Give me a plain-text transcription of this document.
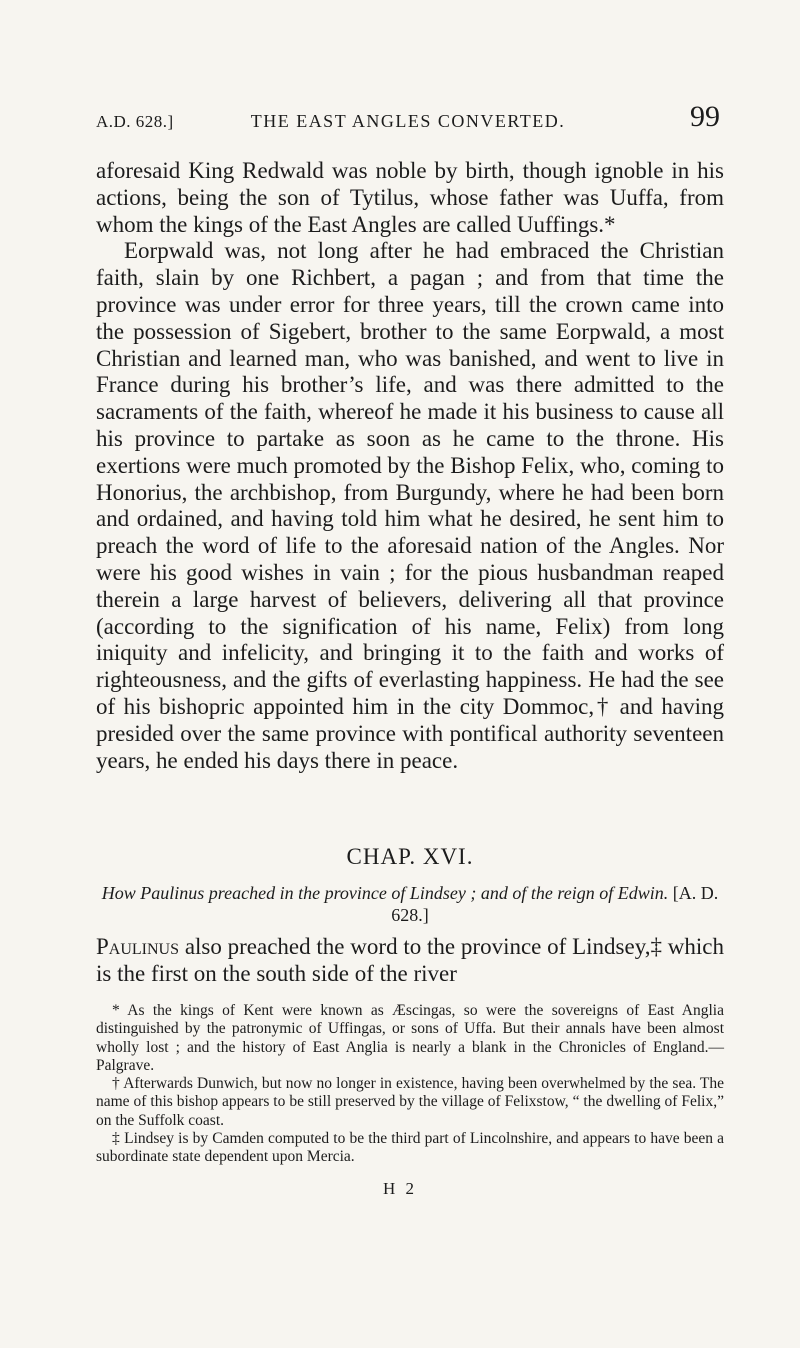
A.D. 628.]	THE EAST ANGLES CONVERTED.	99

aforesaid King Redwald was noble by birth, though ignoble in his actions, being the son of Tytilus, whose father was Uuffa, from whom the kings of the East Angles are called Uuffings.*

Eorpwald was, not long after he had embraced the Christian faith, slain by one Richbert, a pagan ; and from that time the province was under error for three years, till the crown came into the possession of Sigebert, brother to the same Eorpwald, a most Christian and learned man, who was banished, and went to live in France during his brother’s life, and was there admitted to the sacraments of the faith, whereof he made it his business to cause all his province to partake as soon as he came to the throne. His exertions were much promoted by the Bishop Felix, who, coming to Honorius, the archbishop, from Burgundy, where he had been born and ordained, and having told him what he desired, he sent him to preach the word of life to the aforesaid nation of the Angles. Nor were his good wishes in vain ; for the pious husbandman reaped therein a large harvest of believers, delivering all that province (according to the signification of his name, Felix) from long iniquity and infelicity, and bringing it to the faith and works of righteousness, and the gifts of everlasting happiness. He had the see of his bishopric appointed him in the city Dommoc,† and having presided over the same province with pontifical authority seventeen years, he ended his days there in peace.

CHAP. XVI.
How Paulinus preached in the province of Lindsey ; and of the reign of Edwin. [A. D. 628.]

Paulinus also preached the word to the province of Lindsey,‡ which is the first on the south side of the river

* As the kings of Kent were known as Æscingas, so were the sovereigns of East Anglia distinguished by the patronymic of Uffingas, or sons of Uffa. But their annals have been almost wholly lost ; and the history of East Anglia is nearly a blank in the Chronicles of England.—Palgrave.

† Afterwards Dunwich, but now no longer in existence, having been overwhelmed by the sea. The name of this bishop appears to be still preserved by the village of Felixstow, “ the dwelling of Felix,” on the Suffolk coast.

‡ Lindsey is by Camden computed to be the third part of Lincolnshire, and appears to have been a subordinate state dependent upon Mercia.

H 2
